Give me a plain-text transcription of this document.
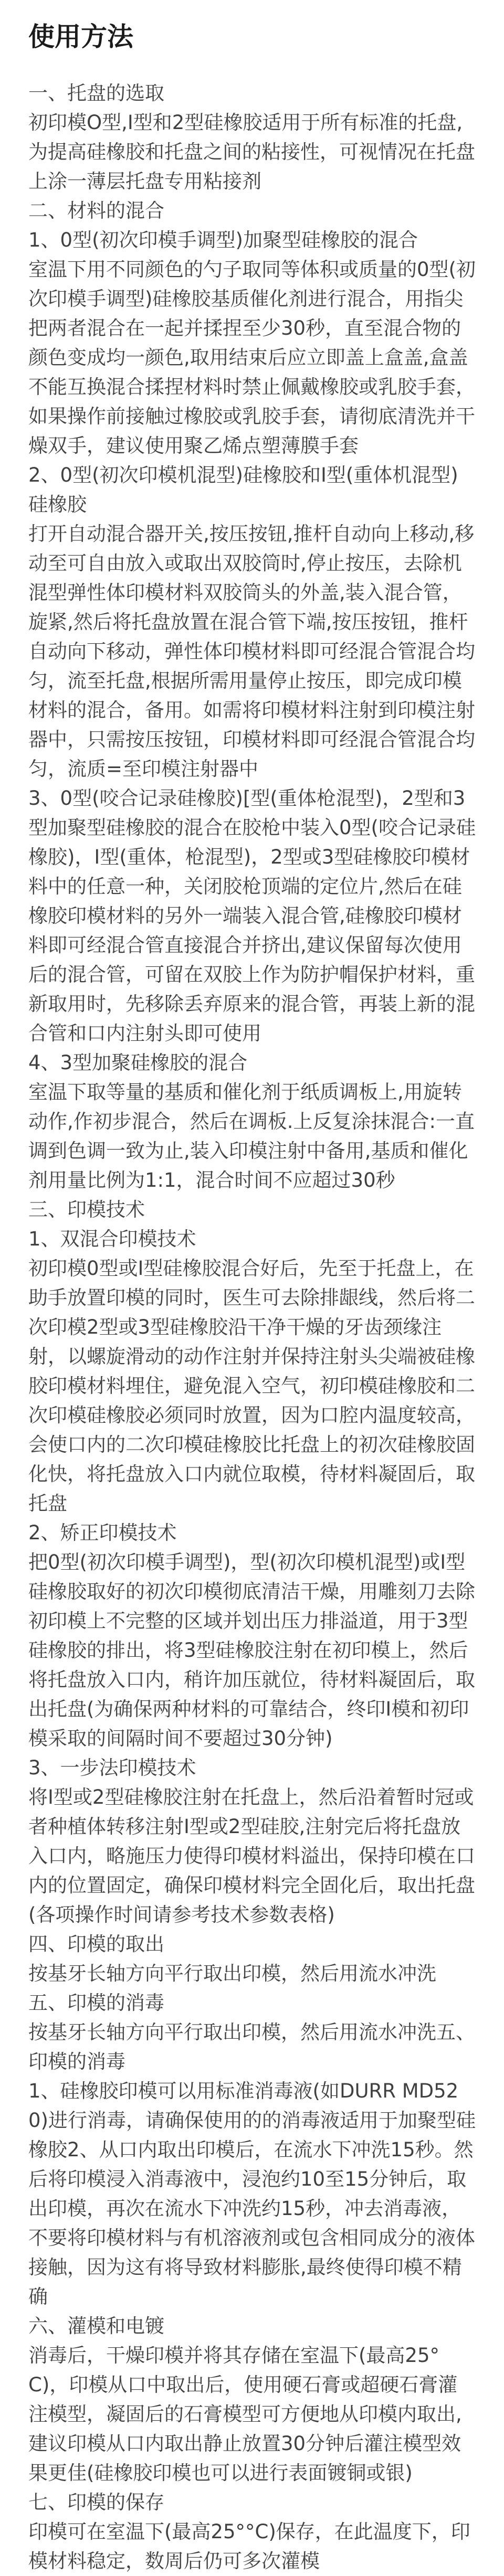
使用方法

一、托盘的选取

初印模O型,I型和2型硅橡胶适用于所有标准的托盘,为提高硅橡胶和托盘之间的粘接性，可视情况在托盘上涂一薄层托盘专用粘接剂

二、材料的混合

1、0型(初次印模手调型)加聚型硅橡胶的混合

室温下用不同颜色的勺子取同等体积或质量的0型(初次印模手调型)硅橡胶基质催化剂进行混合，用指尖把两者混合在一起并揉捏至少30秒，直至混合物的颜色变成均一颜色,取用结束后应立即盖上盒盖,盒盖不能互换混合揉捏材料时禁止佩戴橡胶或乳胶手套，如果操作前接触过橡胶或乳胶手套，请彻底清洗并干燥双手，建议使用聚乙烯点塑薄膜手套

2、0型(初次印模机混型)硅橡胶和I型(重体机混型)硅橡胶

打开自动混合器开关,按压按钮,推杆自动向上移动,移动至可自由放入或取出双胶筒时,停止按压，去除机混型弹性体印模材料双胶筒头的外盖,装入混合管，旋紧,然后将托盘放置在混合管下端,按压按钮，推杆自动向下移动，弹性体印模材料即可经混合管混合均匀，流至托盘,根据所需用量停止按压，即完成印模材料的混合，备用。如需将印模材料注射到印模注射器中，只需按压按钮，印模材料即可经混合管混合均匀，流质=至印模注射器中

3、0型(咬合记录硅橡胶)[型(重体枪混型)，2型和3型加聚型硅橡胶的混合在胶枪中装入0型(咬合记录硅橡胶)，I型(重体，枪混型)，2型或3型硅橡胶印模材料中的任意一种，关闭胶枪顶端的定位片,然后在硅橡胶印模材料的另外一端装入混合管,硅橡胶印模材料即可经混合管直接混合并挤出,建议保留每次使用后的混合管，可留在双胶上作为防护帽保护材料，重新取用时，先移除丢弃原来的混合管，再装上新的混合管和口内注射头即可使用

4、3型加聚硅橡胶的混合

室温下取等量的基质和催化剂于纸质调板上,用旋转动作,作初步混合，然后在调板.上反复涂抹混合:一直调到色调一致为止,装入印模注射中备用,基质和催化剂用量比例为1:1，混合时间不应超过30秒

三、印模技术

1、双混合印模技术

初印模0型或I型硅橡胶混合好后，先至于托盘上，在助手放置印模的同时，医生可去除排龈线，然后将二次印模2型或3型硅橡胶沿干净干燥的牙齿颈缘注射，以螺旋滑动的动作注射并保持注射头尖端被硅橡胶印模材料埋住，避免混入空气，初印模硅橡胶和二次印模硅橡胶必须同时放置，因为口腔内温度较高，会使口内的二次印模硅橡胶比托盘上的初次硅橡胶固化快，将托盘放入口内就位取模，待材料凝固后，取托盘

2、矫正印模技术

把0型(初次印模手调型)，型(初次印模机混型)或I型硅橡胶取好的初次印模彻底清洁干燥，用雕刻刀去除初印模上不完整的区域并划出压力排溢道，用于3型硅橡胶的排出，将3型硅橡胶注射在初印模上，然后将托盘放入口内，稍许加压就位，待材料凝固后，取出托盘(为确保两种材料的可靠结合，终印I模和初印模采取的间隔时间不要超过30分钟)

3、一步法印模技术

将I型或2型硅橡胶注射在托盘上，然后沿着暂时冠或者种植体转移注射I型或2型硅胶,注射完后将托盘放入口内，略施压力使得印模材料溢出，保持印模在口内的位置固定，确保印模材料完全固化后，取出托盘(各项操作时间请参考技术参数表格)

四、印模的取出

按基牙长轴方向平行取出印模，然后用流水冲洗

五、印模的消毒

按基牙长轴方向平行取出印模，然后用流水冲洗五、印模的消毒

1、硅橡胶印模可以用标准消毒液(如DURR MD520)进行消毒，请确保使用的的消毒液适用于加聚型硅橡胶2、从口内取出印模后，在流水下冲洗15秒。然后将印模浸入消毒液中，浸泡约10至15分钟后，取出印模，再次在流水下冲洗约15秒，冲去消毒液，不要将印模材料与有机溶液剂或包含相同成分的液体接触，因为这有将导致材料膨胀,最终使得印模不精确

六、灌模和电镀

消毒后，干燥印模并将其存储在室温下(最高25°C)，印模从口中取出后，使用硬石膏或超硬石膏灌注模型，凝固后的石膏模型可方便地从印模内取出,建议印模从口内取出静止放置30分钟后灌注模型效果更佳(硅橡胶印模也可以进行表面镀铜或银)

七、印模的保存

印模可在室温下(最高25°°C)保存，在此温度下，印模材料稳定，数周后仍可多次灌模
